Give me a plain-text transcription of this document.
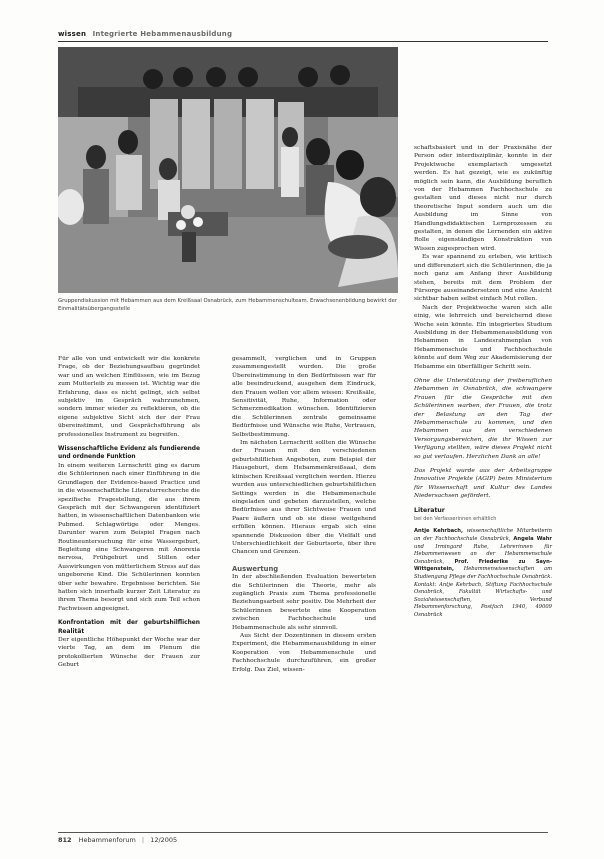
wissen Integrierte Hebammenausbildung
Gruppendiskussion mit Hebammen aus dem Kreißsaal Osnabrück, zum Hebammenschulteam. Erwachsenenbildung bewirkt der Einmalitätsübergangsstelle

Für alle von und entwickelt wir die konkrete Frage, ob der Beziehungsaufbau gegründet war und an welchen Einflüssen, wie im Bezug zum Mutterleib zu messen ist. Wichtig war die Erfahrung, dass es nicht gelingt, sich selbst subjektiv im Gespräch wahrzunehmen, sondern immer wieder zu reflektieren, ob die eigene subjektive Sicht sich der der Frau übereinstimmt, und Gesprächsführung als professionelles Instrument zu begreifen.

Wissenschaftliche Evidenz als fundierende und ordnende Funktion

In einem weiteren Lernschritt ging es darum die Schülerinnen nach einer Einführung in die Grundlagen der Evidence-based Practice und in die wissenschaftliche Literaturrecherche die spezifische Fragestellung, die aus ihrem Gespräch mit der Schwangeren identifiziert hatten, in wissenschaftlichen Datenbanken wie Pubmed. Schlagwörtige oder Menges. Darunter waren zum Beispiel Fragen nach Routineuntersuchung für eine Wassergeburt, Begleitung eine Schwangeren mit Anorexia nervosa, Frühgeburt und Stillen oder Auswirkungen von mütterlichem Stress auf das ungeborene Kind. Die Schülerinnen konnten über sehr bewahre. Ergebnisse berichten. Sie hatten sich innerhalb kurzer Zeit Literatur zu ihrem Thema besorgt und sich zum Teil schon Fachwissen angeeignet.

Konfrontation mit der geburtshilflichen Realität

Der eigentliche Höhepunkt der Woche war der vierte Tag, an dem im Plenum die protokollierten Wünsche der Frauen zur Geburt

gesammelt, verglichen und in Gruppen zusammengestellt wurden. Die große Übereinstimmung in den Bedürfnissen war für alle beeindruckend, ausgehen dem Eindruck, den Frauen wollen vor allem wissen: Kreißsäle, Sensitivität, Ruhe, Information oder Schmerzmedikation wünschen. Identifizieren die Schülerinnen zentrale gemeinsame Bedürfnisse und Wünsche wie Ruhe, Vertrauen, Selbstbestimmung.

Im nächsten Lernschritt sollten die Wünsche der Frauen mit den verschiedenen geburtshilflichen Angeboten, zum Beispiel der Hausgeburt, dem Hebammenkreißsaal, dem klinischen Kreißsaal verglichen werden. Hierzu wurden aus unterschiedlichen geburtshilflichen Settings werden in die Hebammenschule eingeladen und gebeten darzustellen, welche Bedürfnisse aus ihrer Sichtweise Frauen und Paare äußern und ob sie diese weitgehend erfüllen können. Hieraus ergab sich eine spannende Diskussion über die Vielfalt und Unterschiedlichkeit der Geburtsorte, über ihre Chancen und Grenzen.

Auswertung

In der abschließenden Evaluation bewerteten die Schülerinnen die Theorie, mehr als zugänglich Praxis zum Thema professionelle Beziehungsarbeit sehr positiv. Die Mehrheit der Schülerinnen bewertete eine Kooperation zwischen Fachhochschule und Hebammenschule als sehr sinnvoll.

Aus Sicht der Dozentinnen in diesem ersten Experiment, die Hebammenausbildung in einer Kooperation von Hebammenschule und Fachhochschule durchzuführen, ein großer Erfolg. Das Ziel, wissen-

schaftsbasiert und in der Praxisnähe der Person oder interdisziplinär, konnte in der Projektwoche exemplarisch umgesetzt werden. Es hat gezeigt, wie es zukünftig möglich sein kann, die Ausbildung beruflich von der Hebammen Fachhochschule zu gestalten und dieses nicht nur durch theoretische Input sondern auch um die Ausbildung im Sinne von Handlungsdidaktischen Lernprozessen zu gestalten, in denen die Lernenden ein aktive Rolle eigenständigen Konstruktion von Wissen zugesprochen wird.

Es war spannend zu erleben, wie kritisch und differenziert sich die Schülerinnen, die ja noch ganz am Anfang ihrer Ausbildung stehen, bereits mit dem Problem der Fürsorge auseinandersetzen und eine Ansicht sichtbar haben selbst einfach Mut rollen.

Nach der Projektwoche waren sich alle einig, wie lehrreich und bereichernd diese Woche sein könnte. Ein integriertes Studium Ausbildung in der Hebammenausbildung von Hebammen in Landesrahmenplan von Hebammenschule und Fachhochschule könnte auf dem Weg zur Akademisierung der Hebamme ein überfälliger Schritt sein.

Ohne die Unterstützung der freiberuflichen Hebammen in Osnabrück, die schwangere Frauen für die Gespräche mit den Schülerinnen warben, der Frauen, die trotz der Belastung an den Tag der Hebammenschule zu kommen, und den Hebammen aus den verschiedenen Versorgungsbereichen, die ihr Wissen zur Verfügung stellten, wäre dieses Projekt nicht so gut verlaufen. Herzlichen Dank an alle!

Das Projekt wurde aus der Arbeitsgruppe Innovative Projekte (AGIP) beim Ministerium für Wissenschaft und Kultur des Landes Niedersachsen gefördert.

Literatur

bei den Verfasserinnen erhältlich

Antje Kehrbach, wissenschaftliche Mitarbeiterin an der Fachhochschule Osnabrück, Angela Wahr und Irmingard Ruhe, Lehrerinnen für Hebammenwesen an der Hebammenschule Osnabrück, Prof. Friederike zu Sayn-Wittgenstein, Hebammenwissenschaften am Studiengang Pflege der Fachhochschule Osnabrück. Kontakt: Antje Kehrbach, Stiftung Fachhochschule Osnabrück, Fakultät Wirtschafts- und Sozialwissenschaften, Verbund Hebammenforschung, Postfach 1940, 49009 Osnabrück

812 Hebammenforum | 12/2005
